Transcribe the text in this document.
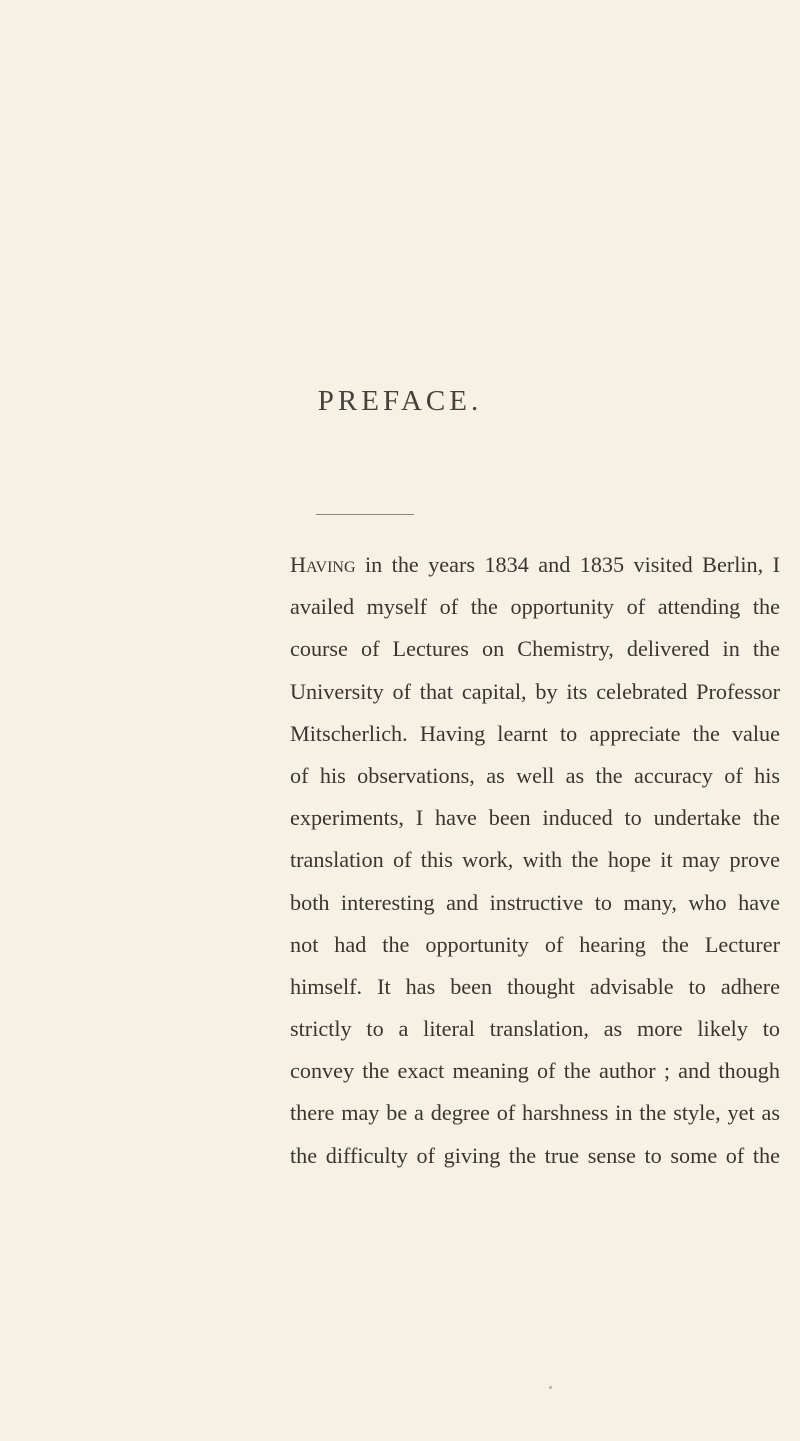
PREFACE.
Having in the years 1834 and 1835 visited Berlin, I
availed myself of the opportunity of attending the
course of Lectures on Chemistry, delivered in the
University of that capital, by its celebrated Professor
Mitscherlich. Having learnt to appreciate the value
of his observations, as well as the accuracy of his
experiments, I have been induced to undertake the
translation of this work, with the hope it may prove
both interesting and instructive to many, who have
not had the opportunity of hearing the Lecturer
himself. It has been thought advisable to adhere
strictly to a literal translation, as more likely to
convey the exact meaning of the author ; and though
there may be a degree of harshness in the style, yet as
the difficulty of giving the true sense to some of the
